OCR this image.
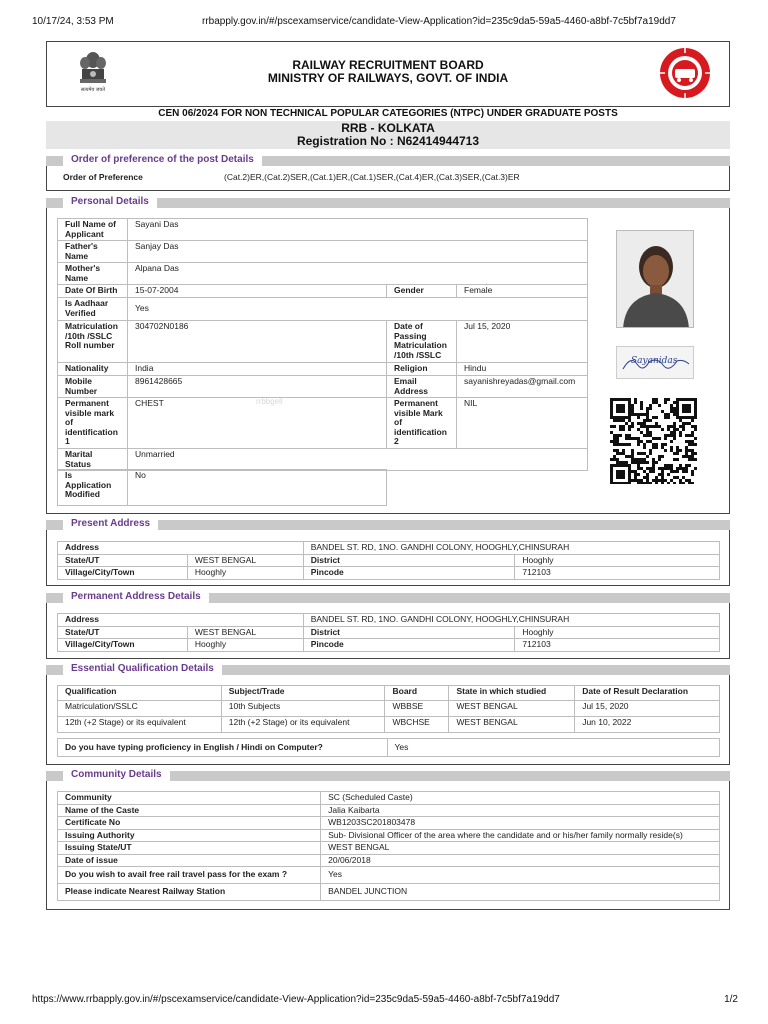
10/17/24, 3:53 PM	rrbapply.gov.in/#/pscexamservice/candidate-View-Application?id=235c9da5-59a5-4460-a8bf-7c5bf7a19dd7
सत्यमेव जयते
RAILWAY RECRUITMENT BOARD
MINISTRY OF RAILWAYS, GOVT. OF INDIA
CEN 06/2024 FOR NON TECHNICAL POPULAR CATEGORIES (NTPC) UNDER GRADUATE POSTS
RRB - KOLKATA
Registration No : N62414944713
Order of preference of the post Details
Order of Preference	(Cat.2)ER,(Cat.2)SER,(Cat.1)ER,(Cat.1)SER,(Cat.4)ER,(Cat.3)SER,(Cat.3)ER
Personal Details
Full Name of Applicant	Sayani Das		
Father's Name	Sanjay Das		
Mother's Name	Alpana Das		
Date Of Birth	15-07-2004	Gender	Female
Is Aadhaar Verified	Yes		
Matriculation /10th /SSLC Roll number	304702N0186	Date of Passing Matriculation /10th /SSLC	Jul 15, 2020
Nationality	India	Religion	Hindu
Mobile Number	8961428665	Email Address	sayanishreyadas@gmail.com
Permanent visible mark of identification 1	CHEST rrbbgell	Permanent visible Mark of identification 2	NIL
Marital Status	Unmarried		
Is Application Modified	No
Sayanidas
Present Address
Address		BANDEL ST. RD, 1NO. GANDHI COLONY, HOOGHLY,CHINSURAH	
State/UT	WEST BENGAL	District	Hooghly
Village/City/Town	Hooghly	Pincode	712103
Permanent Address Details
Address		BANDEL ST. RD, 1NO. GANDHI COLONY, HOOGHLY,CHINSURAH	
State/UT	WEST BENGAL	District	Hooghly
Village/City/Town	Hooghly	Pincode	712103
Essential Qualification Details
Qualification	Subject/Trade	Board	State in which studied	Date of Result Declaration
Matriculation/SSLC	10th Subjects	WBBSE	WEST BENGAL	Jul 15, 2020
12th (+2 Stage) or its equivalent	12th (+2 Stage) or its equivalent	WBCHSE	WEST BENGAL	Jun 10, 2022
Do you have typing proficiency in English / Hindi on Computer?	Yes
Community Details
Community	SC (Scheduled Caste)
Name of the Caste	Jalia Kaibarta
Certificate No	WB1203SC201803478
Issuing Authority	Sub- Divisional Officer of the area where the candidate and or his/her family normally reside(s)
Issuing State/UT	WEST BENGAL
Date of issue	20/06/2018
Do you wish to avail free rail travel pass for the exam ?	Yes
Please indicate Nearest Railway Station	BANDEL JUNCTION
https://www.rrbapply.gov.in/#/pscexamservice/candidate-View-Application?id=235c9da5-59a5-4460-a8bf-7c5bf7a19dd7	1/2
